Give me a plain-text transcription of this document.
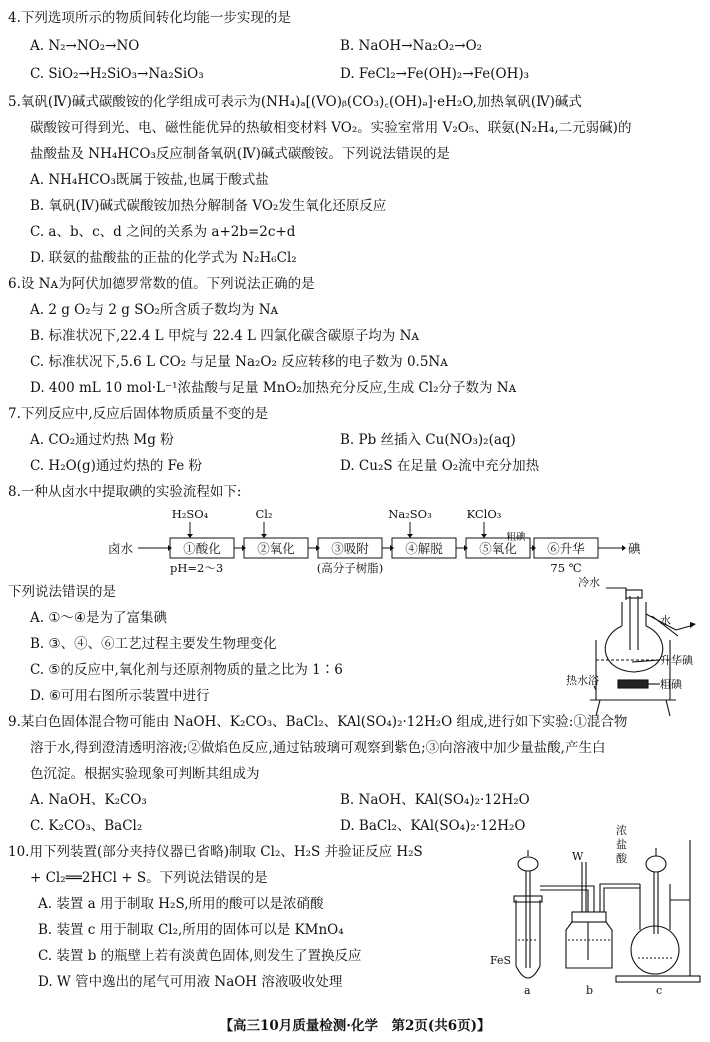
4.下列选项所示的物质间转化均能一步实现的是
A. N₂→NO₂→NO	B. NaOH→Na₂O₂→O₂
C. SiO₂→H₂SiO₃→Na₂SiO₃	D. FeCl₂→Fe(OH)₂→Fe(OH)₃
5.氧矾(Ⅳ)碱式碳酸铵的化学组成可表示为(NH₄)ₐ[(VO)ᵦ(CO₃)꜀(OH)ₔ]·eH₂O,加热氧矾(Ⅳ)碱式
碳酸铵可得到光、电、磁性能优异的热敏相变材料 VO₂。实验室常用 V₂O₅、联氨(N₂H₄,二元弱碱)的
盐酸盐及 NH₄HCO₃反应制备氧矾(Ⅳ)碱式碳酸铵。下列说法错误的是
A. NH₄HCO₃既属于铵盐,也属于酸式盐
B. 氧矾(Ⅳ)碱式碳酸铵加热分解制备 VO₂发生氧化还原反应
C. a、b、c、d 之间的关系为 a+2b=2c+d
D. 联氨的盐酸盐的正盐的化学式为 N₂H₆Cl₂
6.设 Nᴀ为阿伏加德罗常数的值。下列说法正确的是
A. 2 g O₂与 2 g SO₂所含质子数均为 Nᴀ
B. 标准状况下,22.4 L 甲烷与 22.4 L 四氯化碳含碳原子均为 Nᴀ
C. 标准状况下,5.6 L CO₂ 与足量 Na₂O₂ 反应转移的电子数为 0.5Nᴀ
D. 400 mL 10 mol·L⁻¹浓盐酸与足量 MnO₂加热充分反应,生成 Cl₂分子数为 Nᴀ
7.下列反应中,反应后固体物质质量不变的是
A. CO₂通过灼热 Mg 粉	B. Pb 丝插入 Cu(NO₃)₂(aq)
C. H₂O(g)通过灼热的 Fe 粉	D. Cu₂S 在足量 O₂流中充分加热
8.一种从卤水中提取碘的实验流程如下:
卤水	碘
①酸化	②氧化	③吸附	④解脱	⑤氧化 ⑥升华
H₂SO₄	Cl₂	Na₂SO₃	KClO₃
pH=2～3	(高分子树脂)
粗碘
75 ℃
冷水
水
升华碘
粗碘
热水浴
FeS
W
浓
盐
酸
a	b	c
下列说法错误的是
A. ①～④是为了富集碘
B. ③、④、⑥工艺过程主要发生物理变化
C. ⑤的反应中,氧化剂与还原剂物质的量之比为 1∶6
D. ⑥可用右图所示装置中进行
9.某白色固体混合物可能由 NaOH、K₂CO₃、BaCl₂、KAl(SO₄)₂·12H₂O 组成,进行如下实验:①混合物
溶于水,得到澄清透明溶液;②做焰色反应,通过钴玻璃可观察到紫色;③向溶液中加少量盐酸,产生白
色沉淀。根据实验现象可判断其组成为
A. NaOH、K₂CO₃	B. NaOH、KAl(SO₄)₂·12H₂O
C. K₂CO₃、BaCl₂	D. BaCl₂、KAl(SO₄)₂·12H₂O
10.用下列装置(部分夹持仪器已省略)制取 Cl₂、H₂S 并验证反应 H₂S
+ Cl₂══2HCl + S。下列说法错误的是
A. 装置 a 用于制取 H₂S,所用的酸可以是浓硝酸
B. 装置 c 用于制取 Cl₂,所用的固体可以是 KMnO₄
C. 装置 b 的瓶壁上若有淡黄色固体,则发生了置换反应
D. W 管中逸出的尾气可用液 NaOH 溶液吸收处理
【高三10月质量检测·化学　第2页(共6页)】
